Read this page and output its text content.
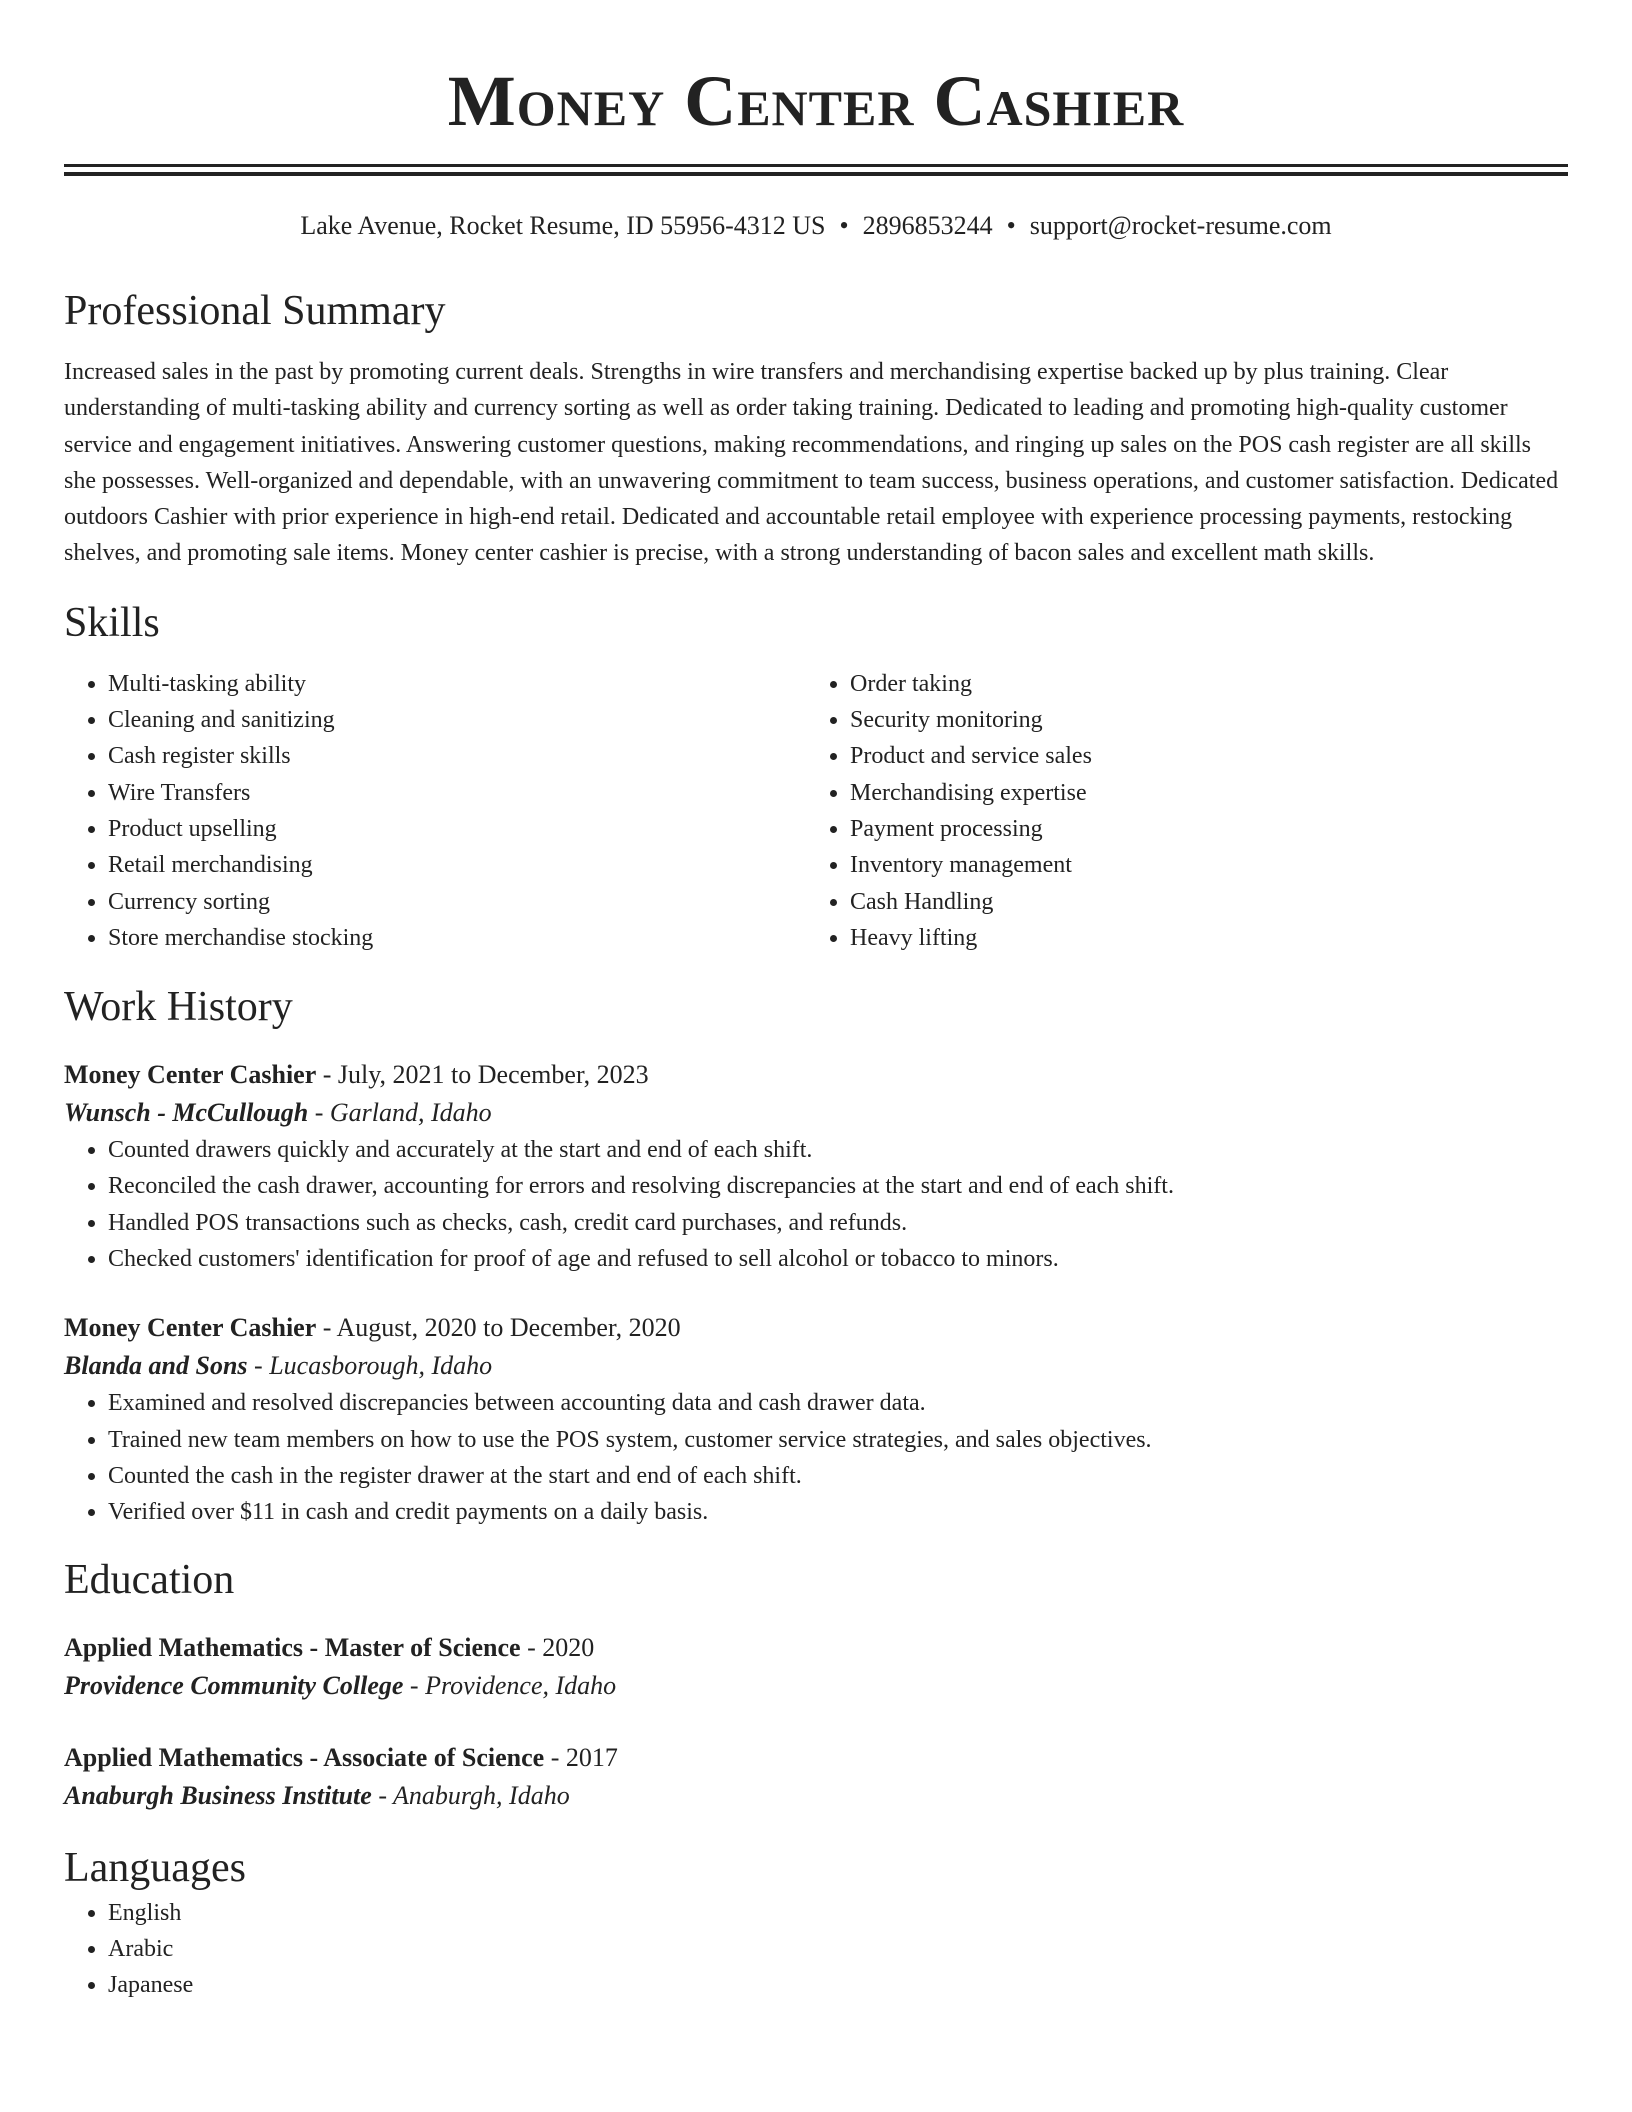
Money Center Cashier
Lake Avenue, Rocket Resume, ID 55956-4312 US • 2896853244 • support@rocket-resume.com
Professional Summary

Increased sales in the past by promoting current deals. Strengths in wire transfers and merchandising expertise backed up by plus training. Clear understanding of multi-tasking ability and currency sorting as well as order taking training. Dedicated to leading and promoting high-quality customer service and engagement initiatives. Answering customer questions, making recommendations, and ringing up sales on the POS cash register are all skills she possesses. Well-organized and dependable, with an unwavering commitment to team success, business operations, and customer satisfaction. Dedicated outdoors Cashier with prior experience in high-end retail. Dedicated and accountable retail employee with experience processing payments, restocking shelves, and promoting sale items. Money center cashier is precise, with a strong understanding of bacon sales and excellent math skills.

Skills
• Multi-tasking ability
• Cleaning and sanitizing
• Cash register skills
• Wire Transfers
• Product upselling
• Retail merchandising
• Currency sorting
• Store merchandise stocking
• Order taking
• Security monitoring
• Product and service sales
• Merchandising expertise
• Payment processing
• Inventory management
• Cash Handling
• Heavy lifting
Work History
Money Center Cashier - July, 2021 to December, 2023
Wunsch - McCullough - Garland, Idaho
• Counted drawers quickly and accurately at the start and end of each shift.
• Reconciled the cash drawer, accounting for errors and resolving discrepancies at the start and end of each shift.
• Handled POS transactions such as checks, cash, credit card purchases, and refunds.
• Checked customers' identification for proof of age and refused to sell alcohol or tobacco to minors.
Money Center Cashier - August, 2020 to December, 2020
Blanda and Sons - Lucasborough, Idaho
• Examined and resolved discrepancies between accounting data and cash drawer data.
• Trained new team members on how to use the POS system, customer service strategies, and sales objectives.
• Counted the cash in the register drawer at the start and end of each shift.
• Verified over $11 in cash and credit payments on a daily basis.
Education
Applied Mathematics - Master of Science - 2020
Providence Community College - Providence, Idaho
Applied Mathematics - Associate of Science - 2017
Anaburgh Business Institute - Anaburgh, Idaho
Languages
• English
• Arabic
• Japanese
